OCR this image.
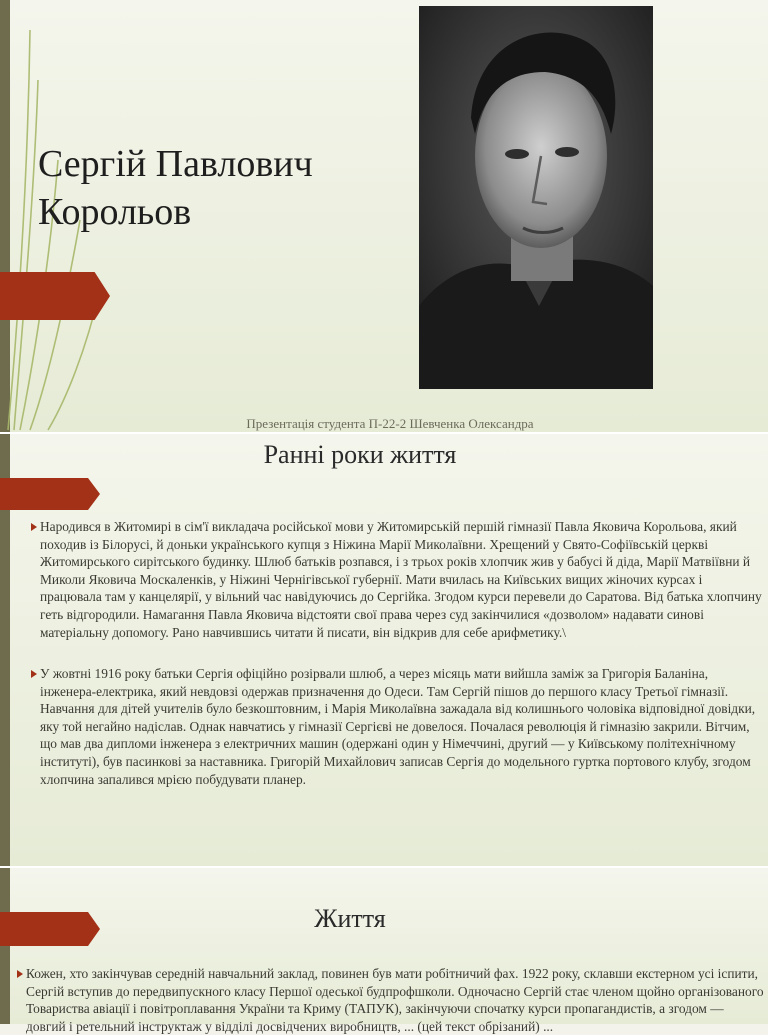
Сергій Павлович
Корольов
Презентація студента П-22-2 Шевченка Олександра
Ранні роки життя

Народився в Житомирі в сім'ї викладача російської мови у Житомирській першій гімназії Павла Яковича Корольова, який походив із Білорусі, й доньки українського купця з Ніжина Марії Миколаївни. Хрещений у Свято-Софіївській церкві Житомирського сирітського будинку. Шлюб батьків розпався, і з трьох років хлопчик жив у бабусі й діда, Марії Матвіївни й Миколи Яковича Москаленків, у Ніжині Чернігівської губернії. Мати вчилась на Київських вищих жіночих курсах і працювала там у канцелярії, у вільний час навідуючись до Сергійка. Згодом курси перевели до Саратова. Від батька хлопчину геть відгородили. Намагання Павла Яковича відстояти свої права через суд закінчилися «дозволом» надавати синові матеріальну допомогу. Рано навчившись читати й писати, він відкрив для себе арифметику.\

У жовтні 1916 року батьки Сергія офіційно розірвали шлюб, а через місяць мати вийшла заміж за Григорія Баланіна, інженера-електрика, який невдовзі одержав призначення до Одеси. Там Сергій пішов до першого класу Третьої гімназії. Навчання для дітей учителів було безкоштовним, і Марія Миколаївна зажадала від колишнього чоловіка відповідної довідки, яку той негайно надіслав. Однак навчатись у гімназії Сергієві не довелося. Почалася революція й гімназію закрили. Вітчим, що мав два дипломи інженера з електричних машин (одержані один у Німеччині, другий — у Київському політехнічному інституті), був пасинкові за наставника. Григорій Михайлович записав Сергія до модельного гуртка портового клубу, згодом хлопчина запалився мрією побудувати планер.

Життя

Кожен, хто закінчував середній навчальний заклад, повинен був мати робітничий фах. 1922 року, склавши екстерном усі іспити, Сергій вступив до передвипускного класу Першої одеської будпрофшколи. Одночасно Сергій стає членом щойно організованого Товариства авіації і повітроплавання України та Криму (ТАПУК), закінчуючи спочатку курси пропагандистів, а згодом — довгий і ретельний інструктаж у відділі досвідчених виробництв, ... (цей текст обрізаний) ...
